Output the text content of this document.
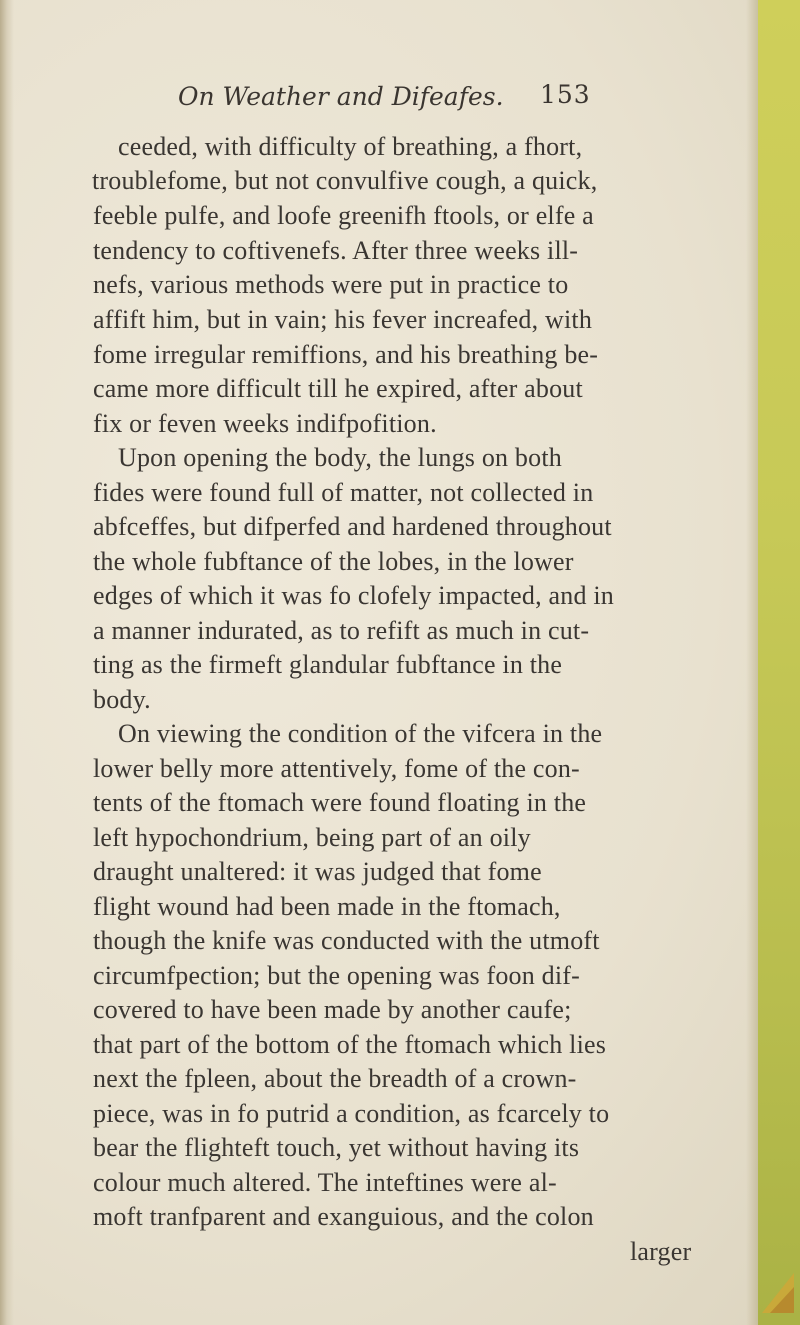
On Weather and Difeafes. 153
ceeded, with difficulty of breathing, a fhort,
troublefome, but not convulfive cough, a quick,
feeble pulfe, and loofe greenifh ftools, or elfe a
tendency to coftivenefs. After three weeks ill-
nefs, various methods were put in practice to
affift him, but in vain; his fever increafed, with
fome irregular remiffions, and his breathing be-
came more difficult till he expired, after about
fix or feven weeks indifpofition.
Upon opening the body, the lungs on both
fides were found full of matter, not collected in
abfceffes, but difperfed and hardened throughout
the whole fubftance of the lobes, in the lower
edges of which it was fo clofely impacted, and in
a manner indurated, as to refift as much in cut-
ting as the firmeft glandular fubftance in the
body.
On viewing the condition of the vifcera in the
lower belly more attentively, fome of the con-
tents of the ftomach were found floating in the
left hypochondrium, being part of an oily
draught unaltered: it was judged that fome
flight wound had been made in the ftomach,
though the knife was conducted with the utmoft
circumfpection; but the opening was foon dif-
covered to have been made by another caufe;
that part of the bottom of the ftomach which lies
next the fpleen, about the breadth of a crown-
piece, was in fo putrid a condition, as fcarcely to
bear the flighteft touch, yet without having its
colour much altered. The inteftines were al-
moft tranfparent and exanguious, and the colon
larger
